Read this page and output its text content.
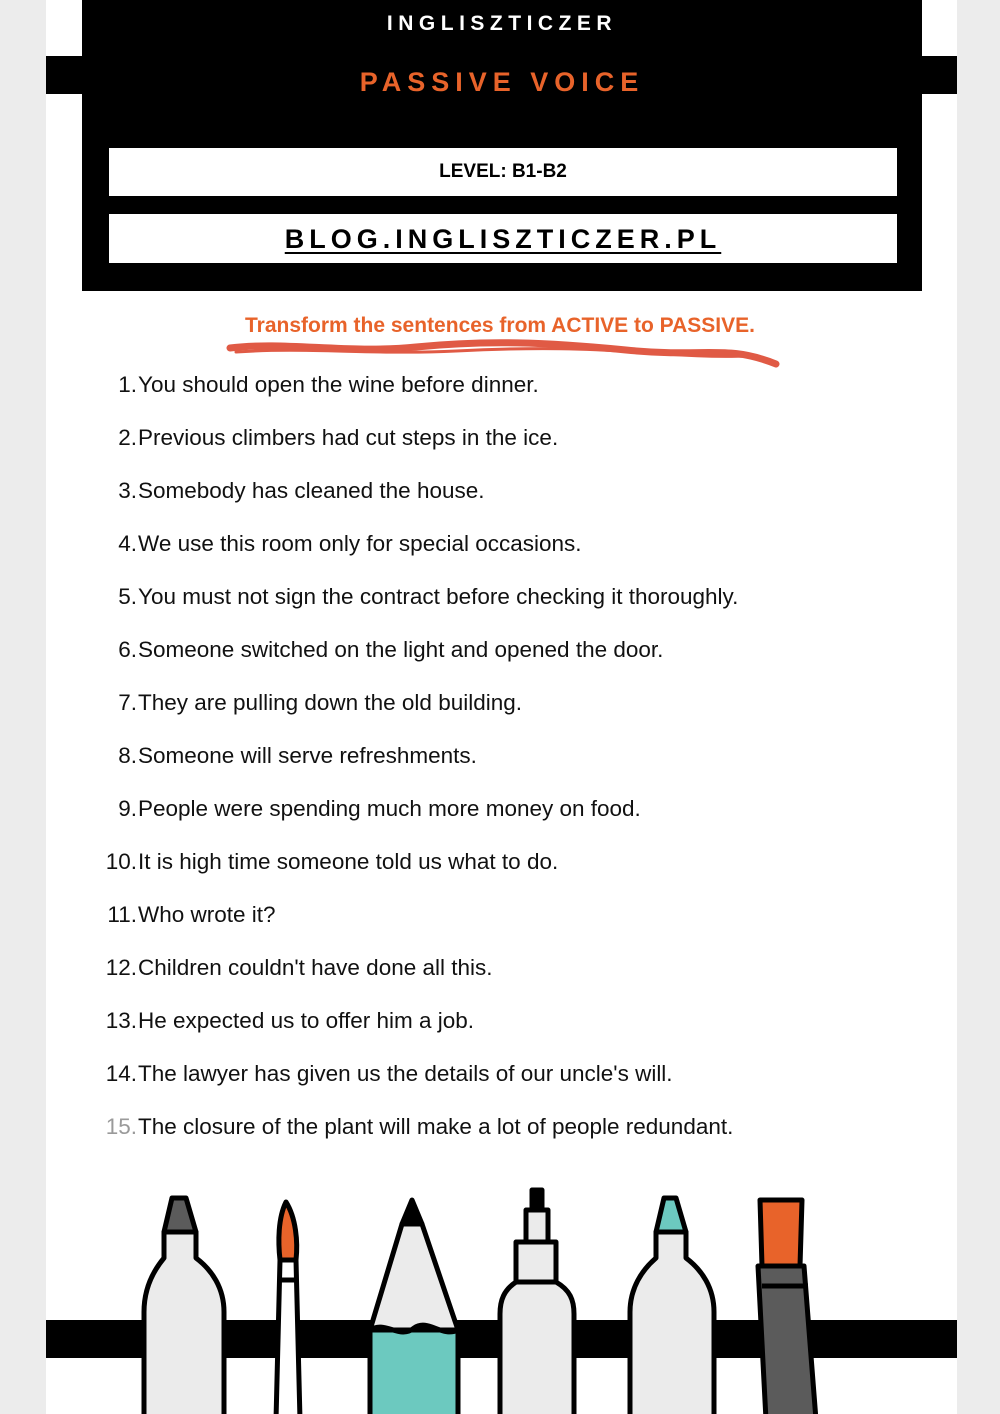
INGLISZTICZER
PASSIVE VOICE
LEVEL: B1-B2
BLOG.INGLISZTICZER.PL
Transform the sentences from ACTIVE to PASSIVE.
1. You should open the wine before dinner.
2. Previous climbers had cut steps in the ice.
3. Somebody has cleaned the house.
4. We use this room only for special occasions.
5. You must not sign the contract before checking it thoroughly.
6. Someone switched on the light and opened the door.
7. They are pulling down the old building.
8. Someone will serve refreshments.
9. People were spending much more money on food.
10. It is high time someone told us what to do.
11. Who wrote it?
12. Children couldn't have done all this.
13. He expected us to offer him a job.
14. The lawyer has given us the details of our uncle's will.
15. The closure of the plant will make a lot of people redundant.
